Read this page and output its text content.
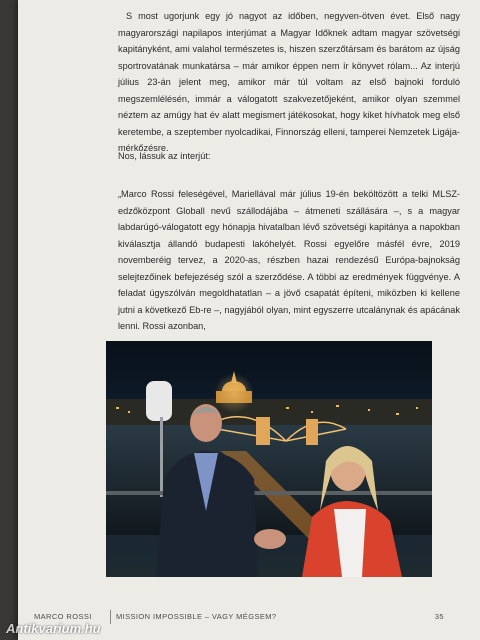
S most ugorjunk egy jó nagyot az időben, negyven-ötven évet. Első nagy magyarországi napilapos interjúmat a Magyar Időknek adtam magyar szövetségi kapitányként, ami valahol természetes is, hiszen szerzőtársam és barátom az újság sportrovatának munkatársa – már amikor éppen nem ír könyvet rólam... Az interjú július 23-án jelent meg, amikor már túl voltam az első bajnoki forduló megszemlélésén, immár a válogatott szakvezetőjeként, amikor olyan szemmel néztem az amúgy hat év alatt megismert játékosokat, hogy kiket hívhatok meg első keretembe, a szeptember nyolcadikai, Finnország elleni, tamperei Nemzetek Ligája-mérkőzésre.

Nos, lássuk az interjút:

„Marco Rossi feleségével, Mariellával már július 19-én beköltözött a telki MLSZ-edzőközpont Globall nevű szállodájába – átmeneti szállására –, s a magyar labdarúgó-válogatott egy hónapja hivatalban lévő szövetségi kapitánya a napokban kiválasztja állandó budapesti lakóhelyét. Rossi egyelőre másfél évre, 2019 novemberéig tervez, a 2020-as, részben hazai rendezésű Európa-bajnokság selejtezőinek befejezéség szól a szerződése. A többi az eredmények függvénye. A feladat úgyszólván megoldhatatlan – a jövő csapatát építeni, miközben ki kellene jutni a következő Eb-re –, nagyjából olyan, mint egyszerre utcalánynak és apácának lenni. Rossi azonban,

MARCO ROSSI	MISSION IMPOSSIBLE – VAGY MÉGSEM?	35
Antikvarium.hu
